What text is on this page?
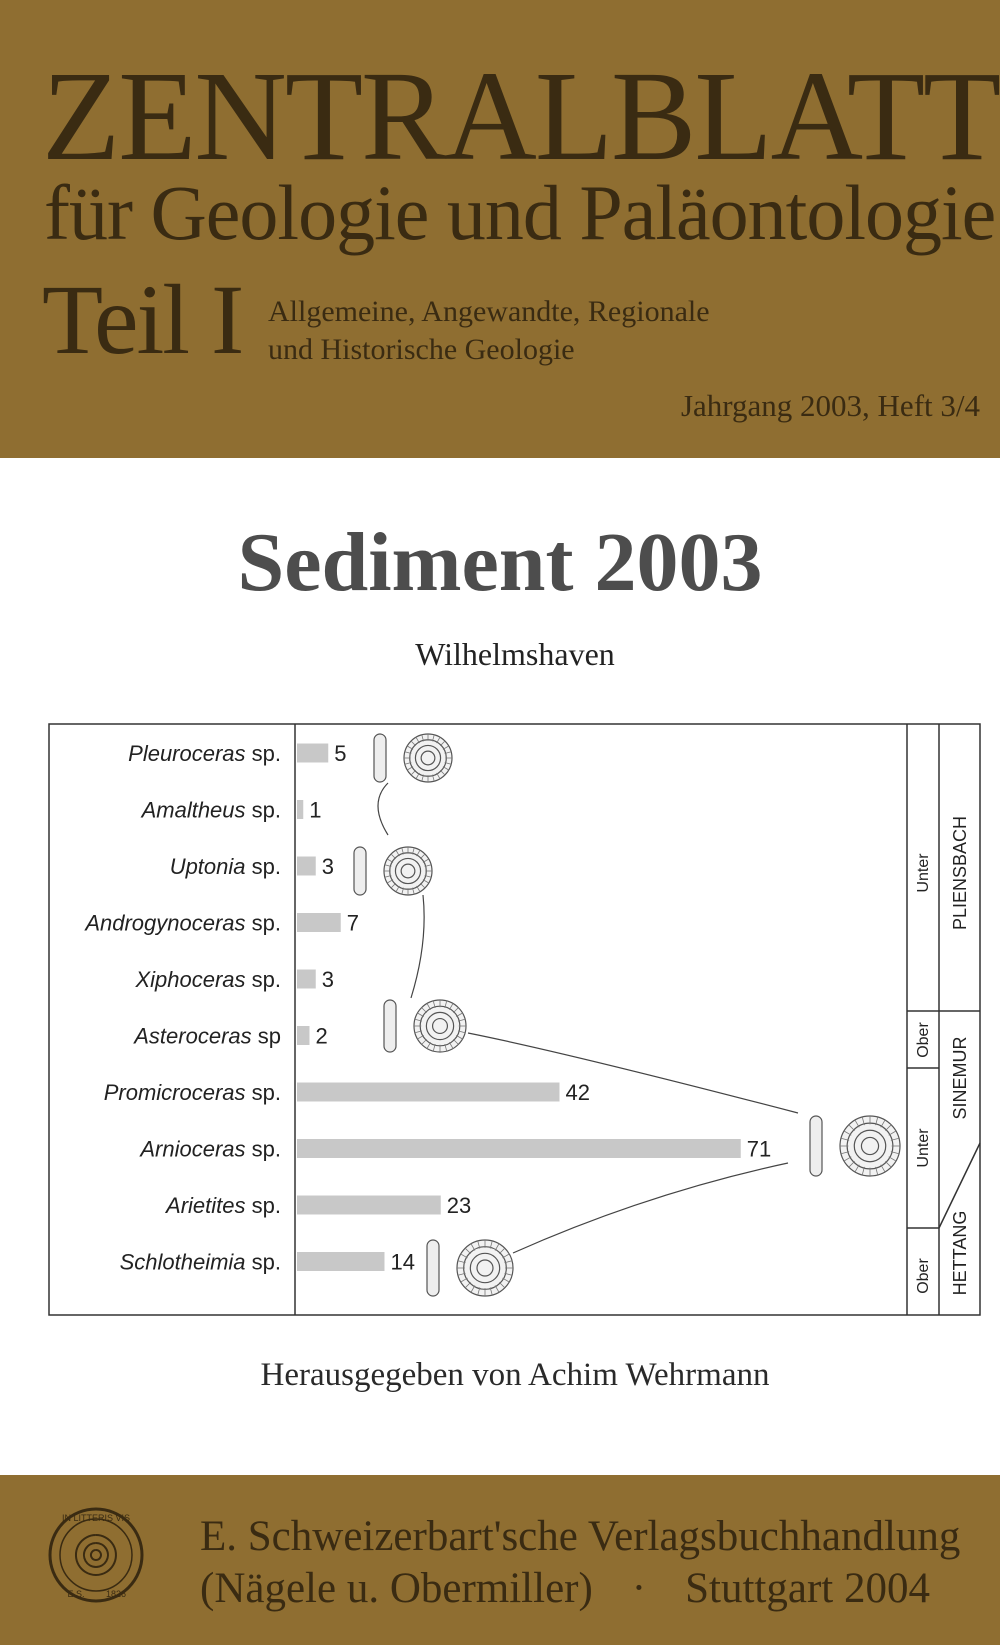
ZENTRALBLATT
für Geologie und Paläontologie
Teil I Allgemeine, Angewandte, Regionale
und Historische Geologie
Jahrgang 2003, Heft 3/4
Sediment 2003
Wilhelmshaven
Pleuroceras sp.
Amaltheus sp.
Uptonia sp.
Androgynoceras sp.
Xiphoceras sp.
Asteroceras sp
Promicroceras sp.
Arnioceras sp.
Arietites sp.
Schlotheimia sp.
5
1
3
7
3
2
42
71
23
14
Unter
Ober
Unter
Ober
PLIENSBACH
SINEMUR
HETTANG
Herausgegeben von Achim Wehrmann
IN LITTERIS VIS
E.S. 1826
E. Schweizerbart'sche Verlagsbuchhandlung
(Nägele u. Obermiller) · Stuttgart 2004
